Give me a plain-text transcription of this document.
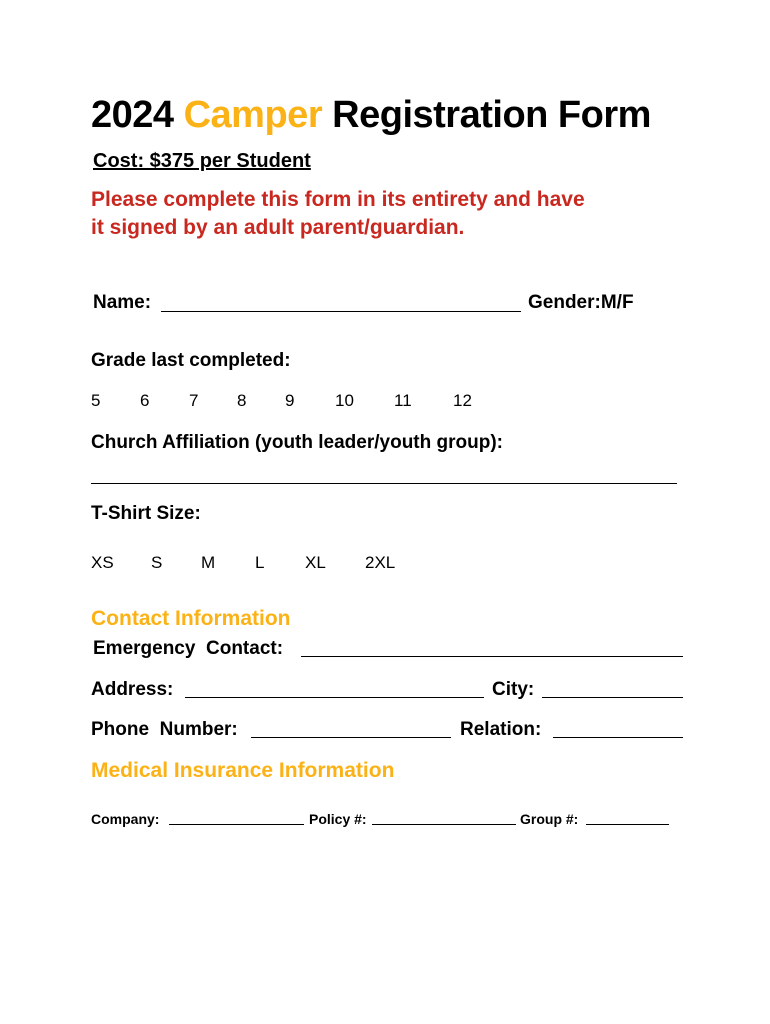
2024 Camper Registration Form
Cost: $375 per Student
Please complete this form in its entirety and have
it signed by an adult parent/guardian.
Name:	Gender:M/F
Grade last completed:
5 6 7 8 9 10 11 12
Church Affiliation (youth leader/youth group):
T-Shirt Size:
XS S M L XL 2XL
Contact Information
Emergency  Contact:
Address:	City:
Phone  Number:	Relation:
Medical Insurance Information
Company:	Policy #:	Group #:
